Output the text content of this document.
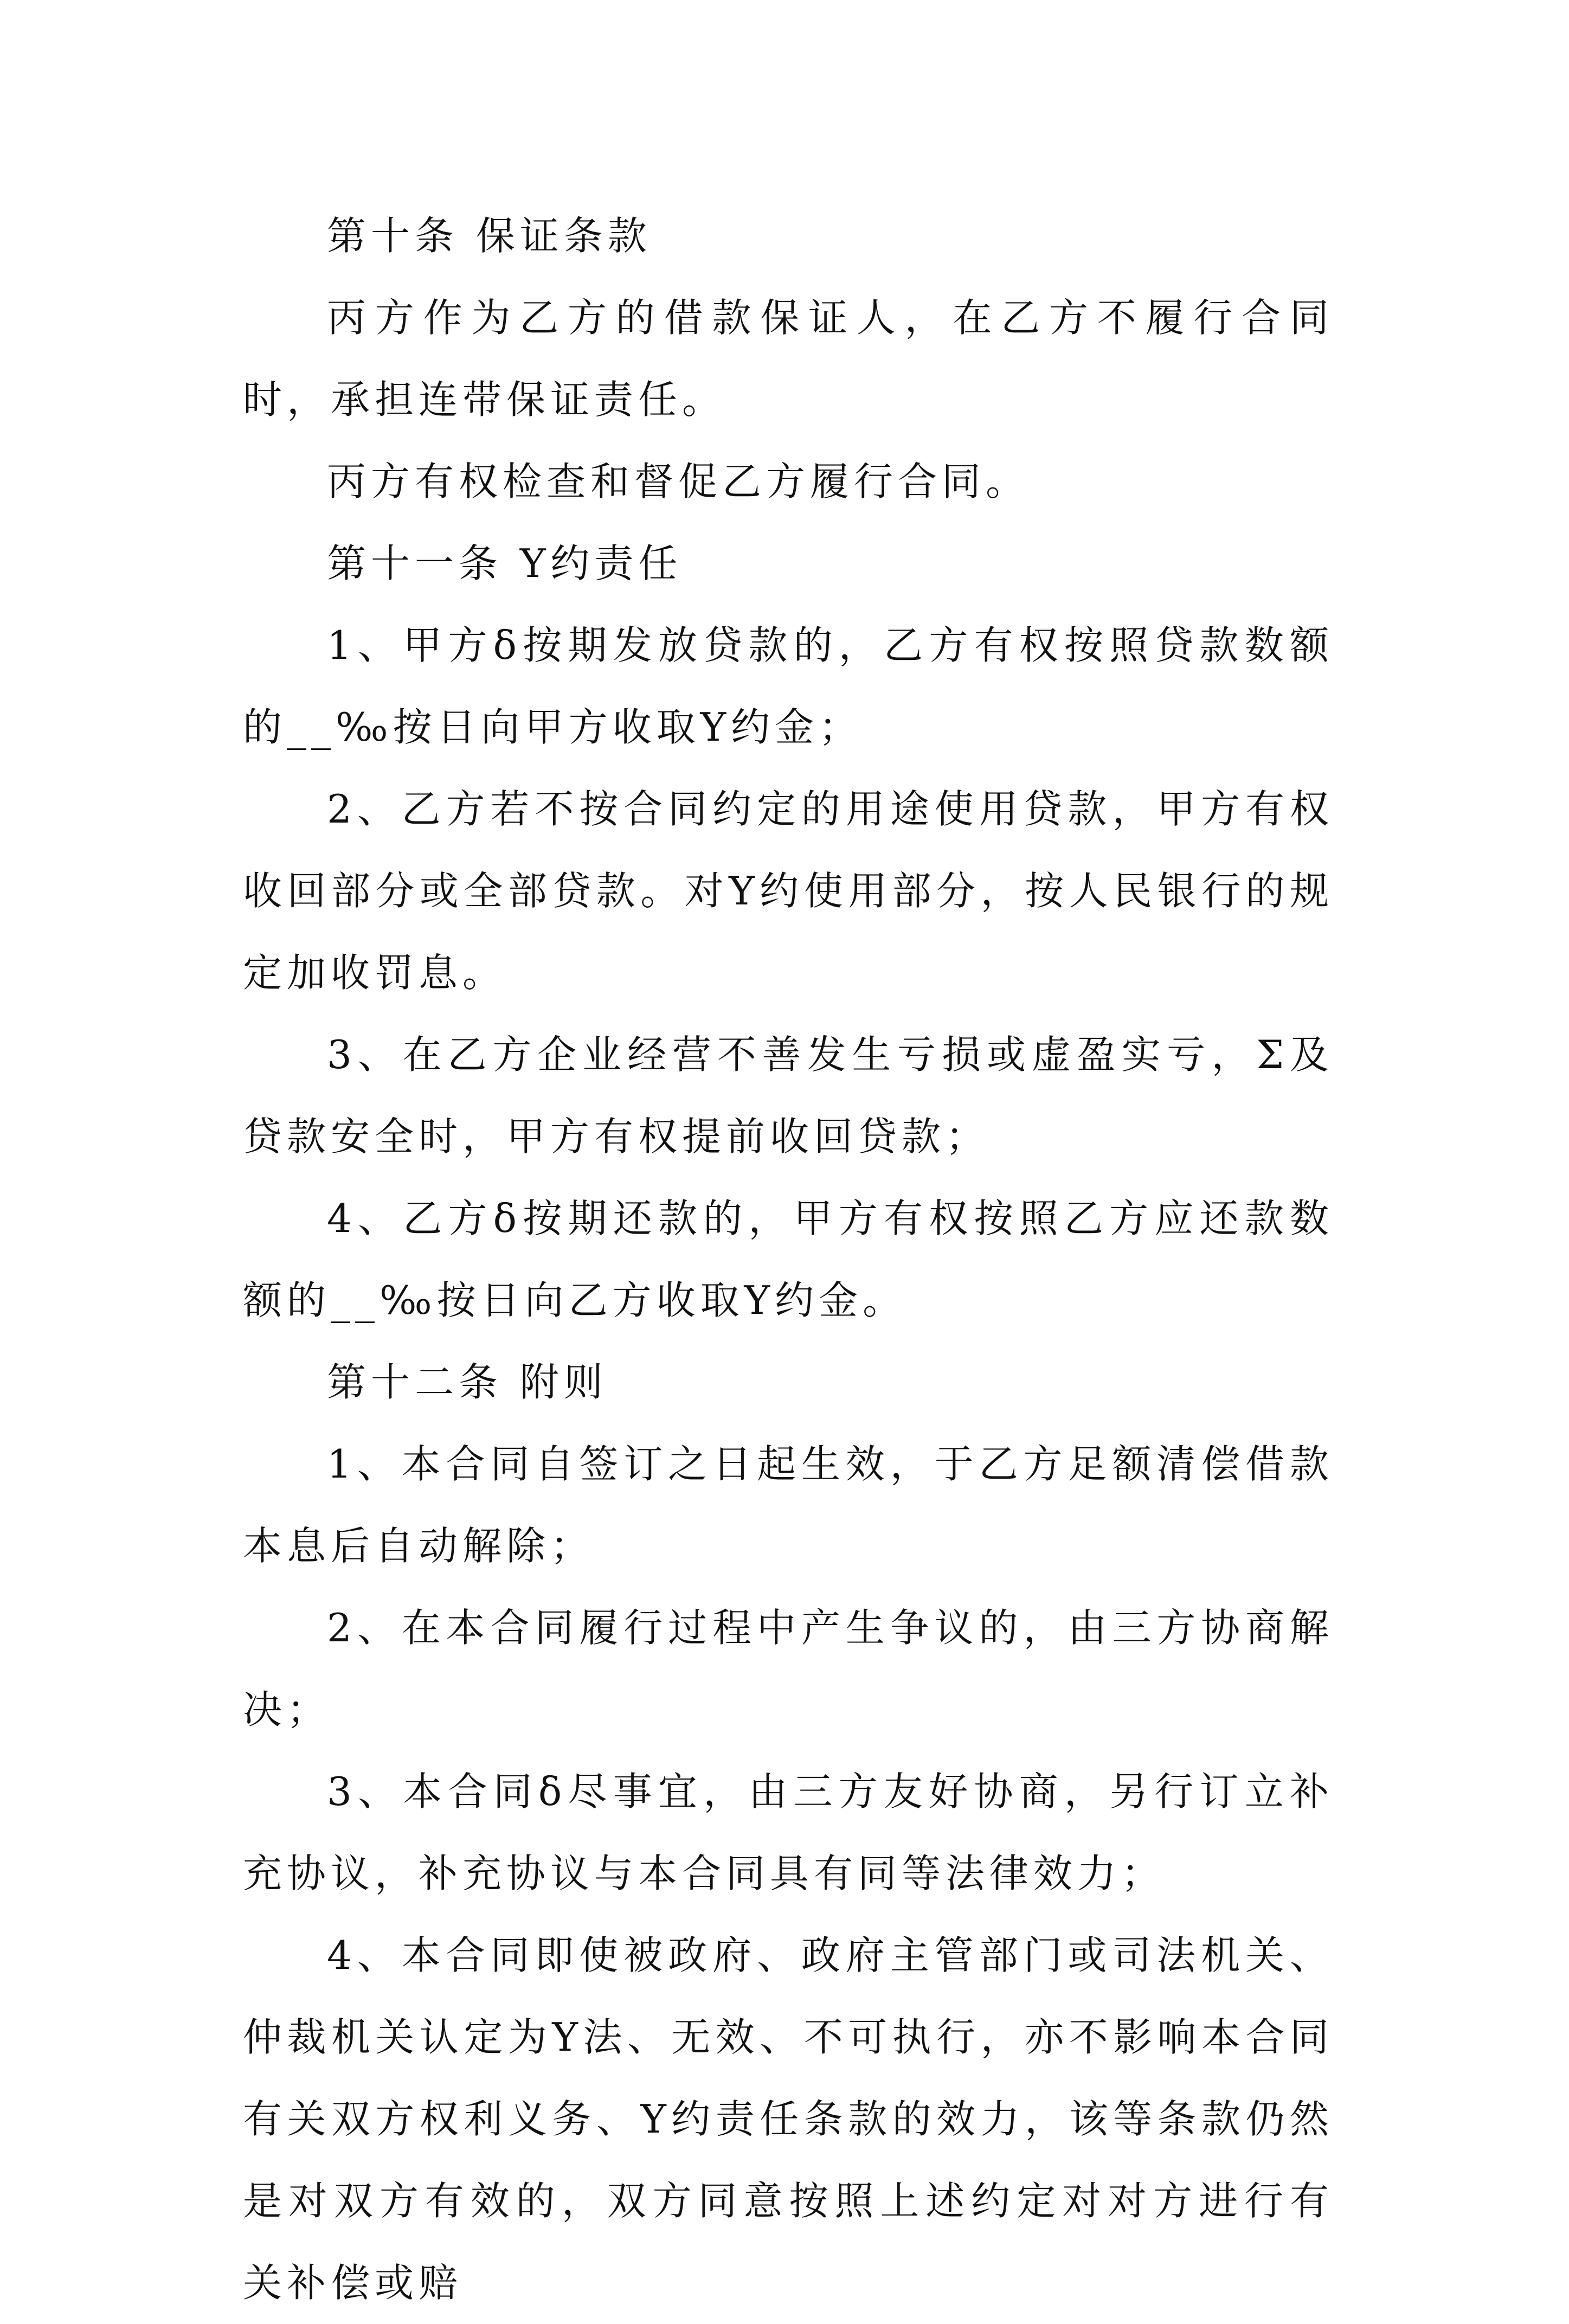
第十条 保证条款

丙方作为乙方的借款保证人，在乙方不履行合同时，承担连带保证责任。

丙方有权检查和督促乙方履行合同。

第十一条 Υ约责任

1、甲方δ按期发放贷款的，乙方有权按照贷款数额的__‰按日向甲方收取Υ约金；

2、乙方若不按合同约定的用途使用贷款，甲方有权收回部分或全部贷款。对Υ约使用部分，按人民银行的规定加收罚息。

3、在乙方企业经营不善发生亏损或虚盈实亏，Σ及贷款安全时，甲方有权提前收回贷款；

4、乙方δ按期还款的，甲方有权按照乙方应还款数额的__‰按日向乙方收取Υ约金。

第十二条 附则

1、本合同自签订之日起生效，于乙方足额清偿借款本息后自动解除；

2、在本合同履行过程中产生争议的，由三方协商解决；

3、本合同δ尽事宜，由三方友好协商，另行订立补充协议，补充协议与本合同具有同等法律效力；

4、本合同即使被政府、政府主管部门或司法机关、仲裁机关认定为Υ法、无效、不可执行，亦不影响本合同有关双方权利义务、Υ约责任条款的效力，该等条款仍然是对双方有效的，双方同意按照上述约定对对方进行有关补偿或赔
